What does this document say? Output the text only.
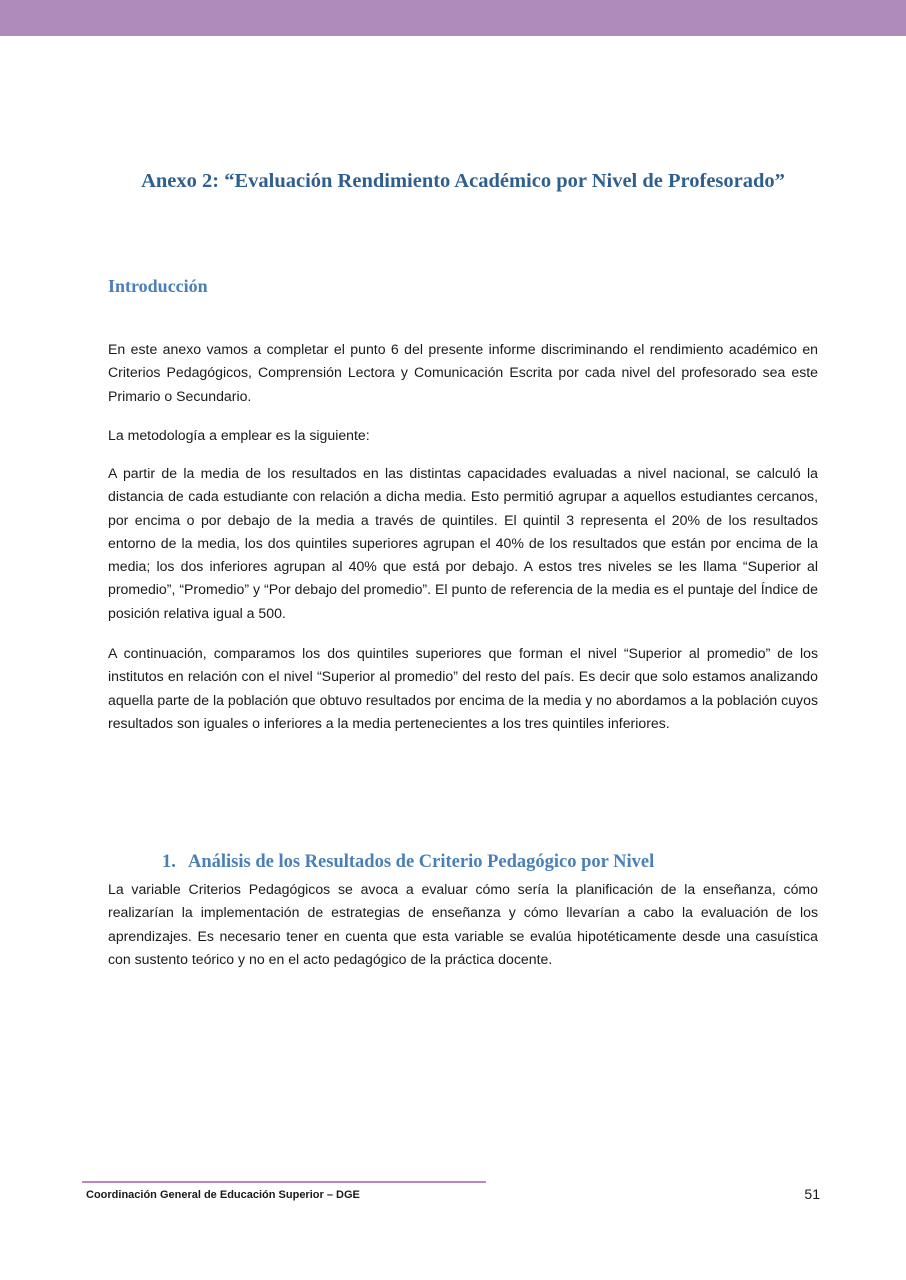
Anexo 2: “Evaluación Rendimiento Académico por Nivel de Profesorado”
Introducción

En este anexo vamos a completar el punto 6 del presente informe discriminando el rendimiento académico en Criterios Pedagógicos, Comprensión Lectora y Comunicación Escrita por cada nivel del profesorado sea este Primario o Secundario.

La metodología a emplear es la siguiente:

A partir de la media de los resultados en las distintas capacidades evaluadas a nivel nacional, se calculó la distancia de cada estudiante con relación a dicha media. Esto permitió agrupar a aquellos estudiantes cercanos, por encima o por debajo de la media a través de quintiles. El quintil 3 representa el 20% de los resultados entorno de la media, los dos quintiles superiores agrupan el 40% de los resultados que están por encima de la media; los dos inferiores agrupan al 40% que está por debajo. A estos tres niveles se les llama “Superior al promedio”, “Promedio” y “Por debajo del promedio”. El punto de referencia de la media es el puntaje del Índice de posición relativa igual a 500.

A continuación, comparamos los dos quintiles superiores que forman el nivel “Superior al promedio” de los institutos en relación con el nivel “Superior al promedio” del resto del país. Es decir que solo estamos analizando aquella parte de la población que obtuvo resultados por encima de la media y no abordamos a la población cuyos resultados son iguales o inferiores a la media pertenecientes a los tres quintiles inferiores.

1. Análisis de los Resultados de Criterio Pedagógico por Nivel

La variable Criterios Pedagógicos se avoca a evaluar cómo sería la planificación de la enseñanza, cómo realizarían la implementación de estrategias de enseñanza y cómo llevarían a cabo la evaluación de los aprendizajes. Es necesario tener en cuenta que esta variable se evalúa hipotéticamente desde una casuística con sustento teórico y no en el acto pedagógico de la práctica docente.

Coordinación General de Educación Superior – DGE	51
